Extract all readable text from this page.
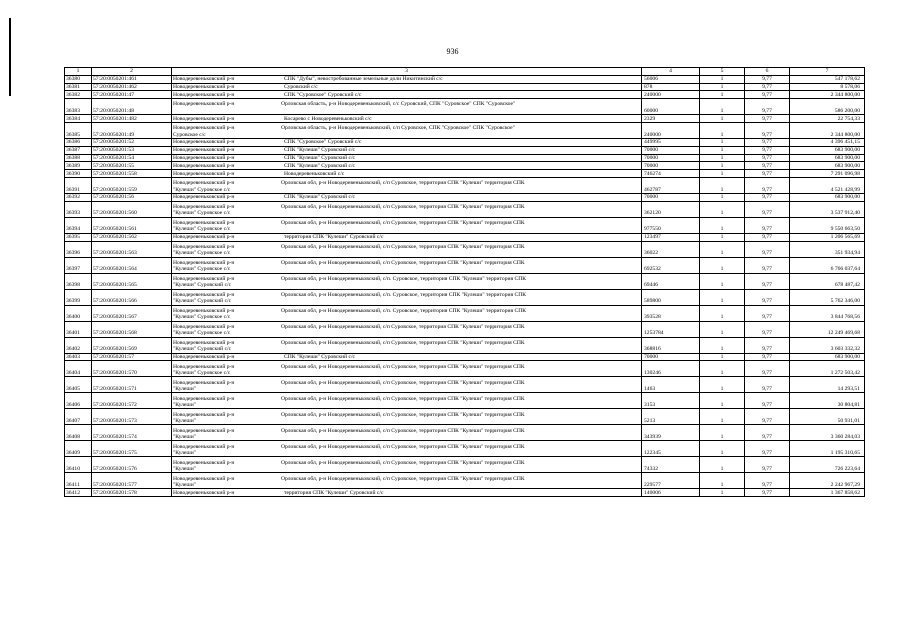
936
1	2	3	4	5	6	7
36380	57:20:0050201:461	Новодеревеньковский р-н СПК "Дубы", невостребованные земельные доли Никитинский с/с	56006	1	9,77	547 178,62
36381	57:20:0050201:462	Новодеревеньковский р-н Суровский с/с	878	1	9,77	8 578,06
36382	57:20:0050201:47	Новодеревеньковский р-н СПК "Суровское" Суровский с/с	240000	1	9,77	2 344 800,00
36383	57:20:0050201:48	Новодеревеньковский р-н Орловская область, р-н Новодеревеньковский, с/с Суровский, СПК "Суровское" СПК "Суровское"	60000	1	9,77	586 200,00
36384	57:20:0050201:482	Новодеревеньковский р-н Косарево с Новодеревеньковский с/с	2329	1	9,77	22 754,33
36385	57:20:0050201:49	Новодеревеньковский р-н Орловская область, р-н Новодеревеньковский, с/п Суровское, СПК "Суровское" СПК "Суровское"
Суровское с/с	240000	1	9,77	2 344 800,00
36386	57:20:0050201:52	Новодеревеньковский р-н СПК "Суровское" Суровский с/с	449995	1	9,77	4 396 451,15
36387	57:20:0050201:53	Новодеревеньковский р-н СПК "Кулеши" Суровский с/с	70000	1	9,77	683 900,00
36388	57:20:0050201:54	Новодеревеньковский р-н СПК "Кулеши" Суровский с/с	70000	1	9,77	683 900,00
36389	57:20:0050201:55	Новодеревеньковский р-н СПК "Кулеши" Суровский с/с	70000	1	9,77	683 900,00
36390	57:20:0050201:558	Новодеревеньковский р-н Новодеревеньковский с/с	746274	1	9,77	7 291 096,98
36391	57:20:0050201:559	Новодеревеньковский р-н Орловская обл, р-н Новодеревеньковский, с/п Суровское, территория СПК "Кулеши" территория СПК
"Кулеши" Суровское с/с	462787	1	9,77	4 521 428,99
36392	57:20:0050201:56	Новодеревеньковский р-н СПК "Кулеши" Суровский с/с	70000	1	9,77	683 900,00
36393	57:20:0050201:560	Новодеревеньковский р-н Орловская обл, р-н Новодеревеньковский, с/п Суровское, территория СПК "Кулеши" территория СПК
"Кулеши" Суровское с/с	362120	1	9,77	3 537 912,40
36394	57:20:0050201:561	Новодеревеньковский р-н Орловская обл, р-н Новодеревеньковский, с/п Суровское, территория СПК "Кулеши" территория СПК
"Кулеши" Суровское с/с	977550	1	9,77	9 550 663,50
36395	57:20:0050201:562	Новодеревеньковский р-н территория СПК "Кулеши" Суровский с/с	123497	1	9,77	1 206 565,69
36396	57:20:0050201:563	Новодеревеньковский р-н Орловская обл, р-н Новодеревеньковский, с/п Суровское, территория СПК "Кулеши" территория СПК
"Кулеши" Суровское с/с	36022	1	9,77	351 934,94
36397	57:20:0050201:564	Новодеревеньковский р-н Орловская обл, р-н Новодеревеньковский, с/п Суровское, территория СПК "Кулеши" территория СПК
"Кулеши" Суровское с/с	692532	1	9,77	6 766 037,64
36398	57:20:0050201:565	Новодеревеньковский р-н Орловская обл, р-н Новодеревеньковский, с/п. Суровское, территория СПК "Кулеши" территория СПК
"Кулеши" Суровский с/с	69446	1	9,77	678 487,42
36399	57:20:0050201:566	Новодеревеньковский р-н Орловская обл, р-н Новодеревеньковский, с/п. Суровское, территория СПК "Кулеши" территория СПК
"Кулеши" Суровский с/с	589800	1	9,77	5 762 346,00
36400	57:20:0050201:567	Новодеревеньковский р-н Орловская обл, р-н Новодеревеньковский, с/п. Суровское, территория СПК "Кулеши" территория СПК
"Кулеши" Суровское с/с	393528	1	9,77	3 844 768,56
36401	57:20:0050201:568	Новодеревеньковский р-н Орловская обл, р-н Новодеревеньковский, с/п Суровское, территория СПК "Кулеши" территория СПК
"Кулеши" Суровское с/с	1253784	1	9,77	12 249 469,68
36402	57:20:0050201:569	Новодеревеньковский р-н Орловская обл, р-н Новодеревеньковский, с/п Суровское, территория СПК "Кулеши" территория СПК
"Кулеши" Суровский с/с	368816	1	9,77	3 603 332,32
36403	57:20:0050201:57	Новодеревеньковский р-н СПК "Кулеши" Суровский с/с	70000	1	9,77	683 900,00
36404	57:20:0050201:570	Новодеревеньковский р-н Орловская обл, р-н Новодеревеньковский, с/п Суровское, территория СПК "Кулеши" территория СПК
"Кулеши" Суровское с/с	130246	1	9,77	1 272 503,42
36405	57:20:0050201:571	Новодеревеньковский р-н Орловская обл, р-н Новодеревеньковский, с/п Суровское, территория СПК "Кулеши" территория СПК
"Кулеши"	1463	1	9,77	14 293,51
36406	57:20:0050201:572	Новодеревеньковский р-н Орловская обл, р-н Новодеревеньковский, с/п Суровское, территория СПК "Кулеши" территория СПК
"Кулеши"	3153	1	9,77	30 804,81
36407	57:20:0050201:573	Новодеревеньковский р-н Орловская обл, р-н Новодеревеньковский, с/п Суровское, территория СПК "Кулеши" территория СПК
"Кулеши"	5213	1	9,77	50 931,01
36408	57:20:0050201:574	Новодеревеньковский р-н Орловская обл, р-н Новодеревеньковский, с/п Суровское, территория СПК "Кулеши" территория СПК
"Кулеши"	343939	1	9,77	3 360 284,03
36409	57:20:0050201:575	Новодеревеньковский р-н Орловская обл, р-н Новодеревеньковский, с/п Суровское, территория СПК "Кулеши" территория СПК
"Кулеши"	122345	1	9,77	1 195 310,65
36410	57:20:0050201:576	Новодеревеньковский р-н Орловская обл, р-н Новодеревеньковский, с/п Суровское, территория СПК "Кулеши" территория СПК
"Кулеши"	74332	1	9,77	726 223,64
36411	57:20:0050201:577	Новодеревеньковский р-н Орловская обл, р-н Новодеревеньковский, с/п Суровское, территория СПК "Кулеши" территория СПК
"Кулеши"	229577	1	9,77	2 242 967,29
36412	57:20:0050201:578	Новодеревеньковский р-н территория СПК "Кулеши" Суровский с/с	140006	1	9,77	1 367 858,62
